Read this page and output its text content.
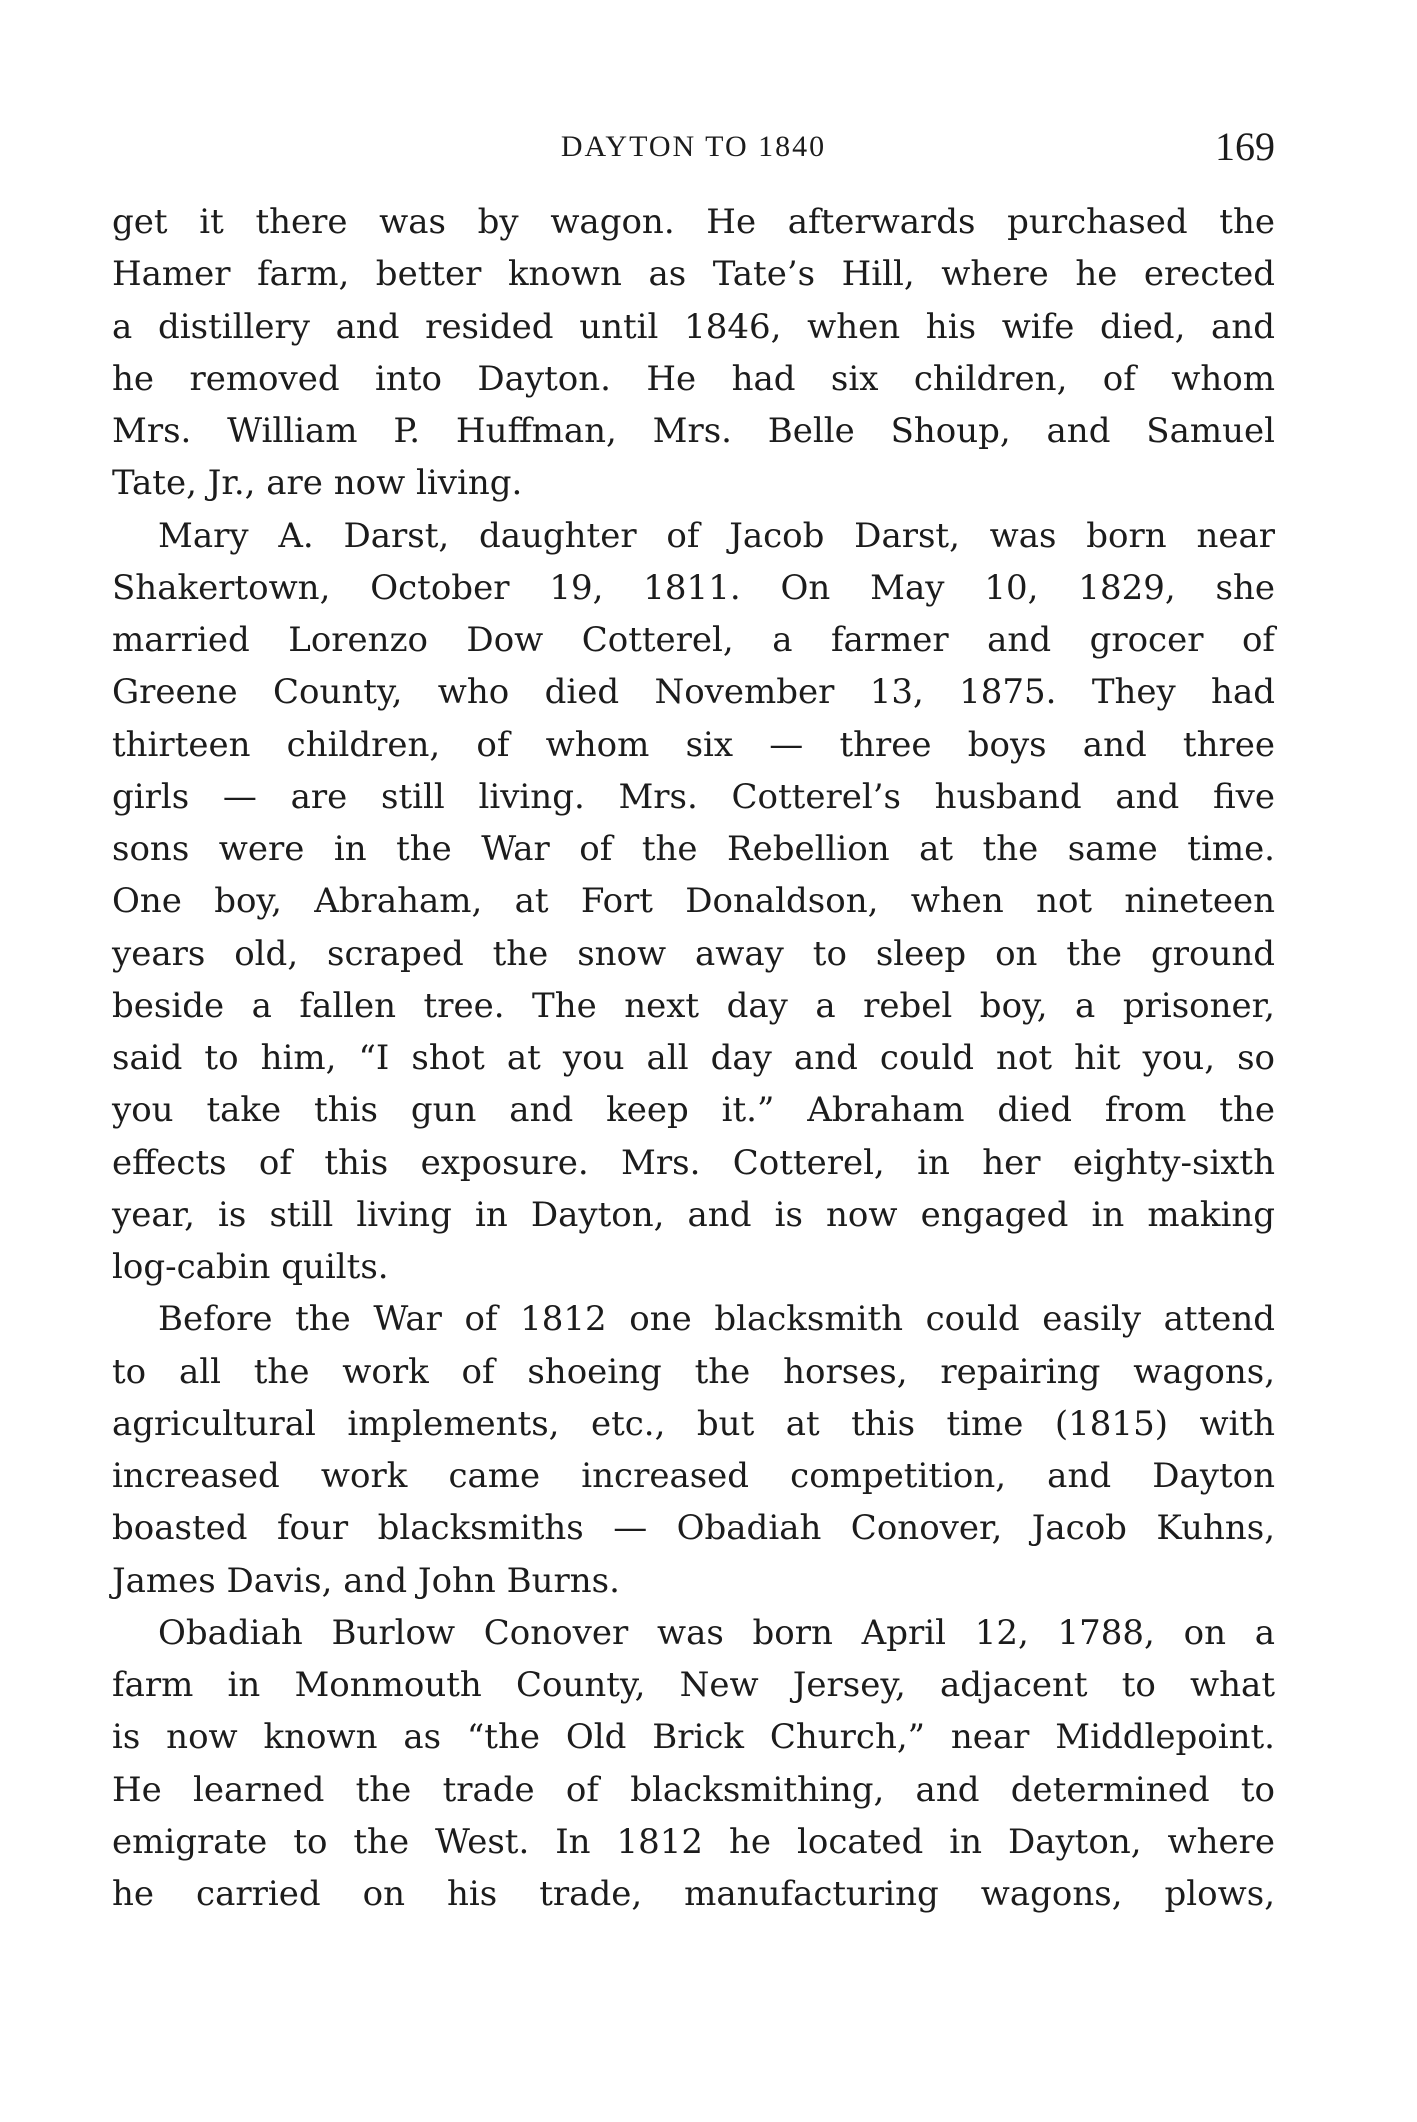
DAYTON TO 1840	169
get it there was by wagon. He afterwards purchased the
Hamer farm, better known as Tate’s Hill, where he erected
a distillery and resided until 1846, when his wife died, and
he removed into Dayton. He had six children, of whom
Mrs. William P. Huffman, Mrs. Belle Shoup, and Samuel
Tate, Jr., are now living.
Mary A. Darst, daughter of Jacob Darst, was born near
Shakertown, October 19, 1811. On May 10, 1829, she
married Lorenzo Dow Cotterel, a farmer and grocer of
Greene County, who died November 13, 1875. They had
thirteen children, of whom six — three boys and three
girls — are still living. Mrs. Cotterel’s husband and five
sons were in the War of the Rebellion at the same time.
One boy, Abraham, at Fort Donaldson, when not nineteen
years old, scraped the snow away to sleep on the ground
beside a fallen tree. The next day a rebel boy, a prisoner,
said to him, “I shot at you all day and could not hit you, so
you take this gun and keep it.” Abraham died from the
effects of this exposure. Mrs. Cotterel, in her eighty-sixth
year, is still living in Dayton, and is now engaged in making
log-cabin quilts.
Before the War of 1812 one blacksmith could easily attend
to all the work of shoeing the horses, repairing wagons,
agricultural implements, etc., but at this time (1815) with
increased work came increased competition, and Dayton
boasted four blacksmiths — Obadiah Conover, Jacob Kuhns,
James Davis, and John Burns.
Obadiah Burlow Conover was born April 12, 1788, on a
farm in Monmouth County, New Jersey, adjacent to what
is now known as “the Old Brick Church,” near Middlepoint.
He learned the trade of blacksmithing, and determined to
emigrate to the West. In 1812 he located in Dayton, where
he carried on his trade, manufacturing wagons, plows,
